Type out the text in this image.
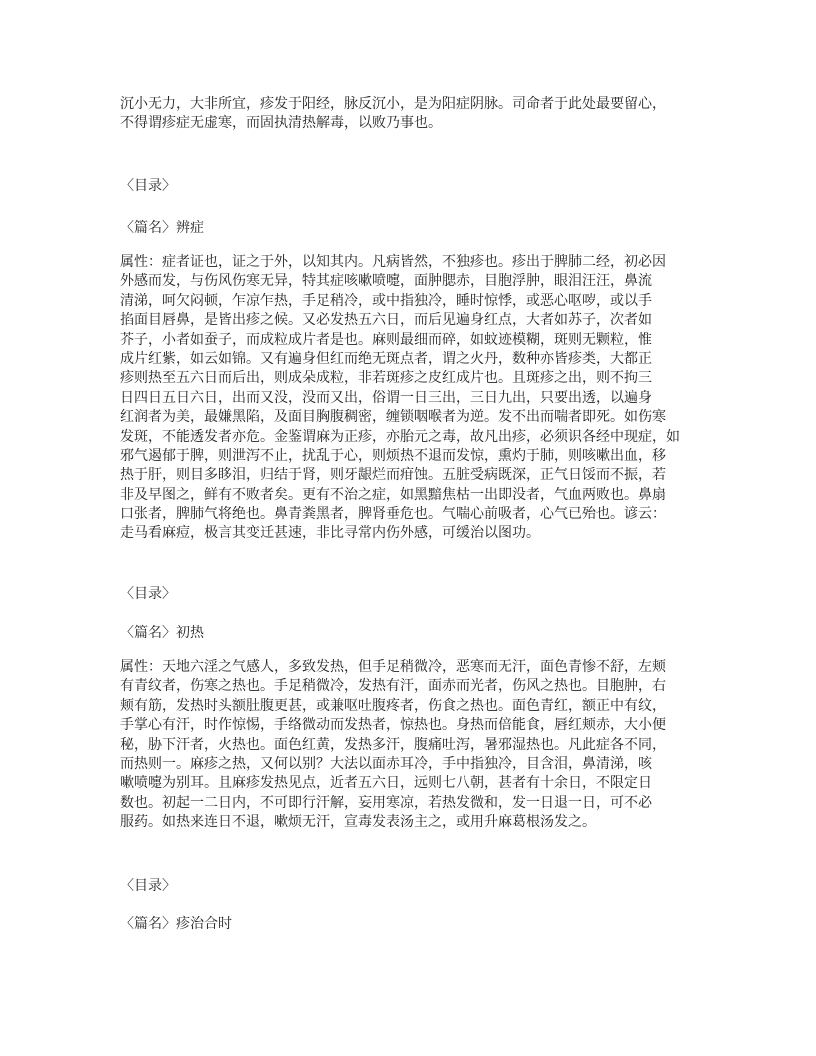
沉小无力，大非所宜，疹发于阳经，脉反沉小，是为阳症阴脉。司命者于此处最要留心，
不得谓疹症无虚寒，而固执清热解毒，以败乃事也。
〈目录〉
〈篇名〉辨症
属性：症者证也，证之于外，以知其内。凡病皆然，不独疹也。疹出于脾肺二经，初必因
外感而发，与伤风伤寒无异，特其症咳嗽喷嚏，面肿腮赤，目胞浮肿，眼泪汪汪，鼻流
清涕，呵欠闷顿，乍凉乍热，手足稍冷，或中指独冷，睡时惊悸，或恶心呕哕，或以手
掐面目唇鼻，是皆出疹之候。又必发热五六日，而后见遍身红点，大者如苏子，次者如
芥子，小者如蚕子，而成粒成片者是也。麻则最细而碎，如蚊迹模糊，斑则无颗粒，惟
成片红紫，如云如锦。又有遍身但红而绝无斑点者，谓之火丹，数种亦皆疹类，大都正
疹则热至五六日而后出，则成朵成粒，非若斑疹之皮红成片也。且斑疹之出，则不拘三
日四日五日六日，出而又没，没而又出，俗谓一日三出，三日九出，只要出透，以遍身
红润者为美，最嫌黑陷，及面目胸腹稠密，缠锁咽喉者为逆。发不出而喘者即死。如伤寒
发斑，不能透发者亦危。金鉴谓麻为正疹，亦胎元之毒，故凡出疹，必须识各经中现症，如
邪气遏郁于脾，则泄泻不止，扰乱于心，则烦热不退而发惊，熏灼于肺，则咳嗽出血，移
热于肝，则目多眵泪，归结于肾，则牙龈烂而疳蚀。五脏受病既深，正气日馁而不振，若
非及早图之，鲜有不败者矣。更有不治之症，如黑黯焦枯一出即没者，气血两败也。鼻扇
口张者，脾肺气将绝也。鼻青粪黑者，脾肾垂危也。气喘心前吸者，心气已殆也。谚云：
走马看麻痘，极言其变迁甚速，非比寻常内伤外感，可缓治以图功。
〈目录〉
〈篇名〉初热
属性：天地六淫之气感人，多致发热，但手足稍微冷，恶寒而无汗，面色青惨不舒，左颊
有青纹者，伤寒之热也。手足稍微冷，发热有汗，面赤而光者，伤风之热也。目胞肿，右
颊有筋，发热时头额肚腹更甚，或兼呕吐腹疼者，伤食之热也。面色青红，额正中有纹，
手掌心有汗，时作惊惕，手络微动而发热者，惊热也。身热而倍能食，唇红颊赤，大小便
秘，胁下汗者，火热也。面色红黄，发热多汗，腹痛吐泻，暑邪湿热也。凡此症各不同，
而热则一。麻疹之热，又何以别？大法以面赤耳冷，手中指独冷，目含泪，鼻清涕，咳
嗽喷嚏为别耳。且麻疹发热见点，近者五六日，远则七八朝，甚者有十余日，不限定日
数也。初起一二日内，不可即行汗解，妄用寒凉，若热发微和，发一日退一日，可不必
服药。如热来连日不退，嗽烦无汗，宣毒发表汤主之，或用升麻葛根汤发之。
〈目录〉
〈篇名〉疹治合时
